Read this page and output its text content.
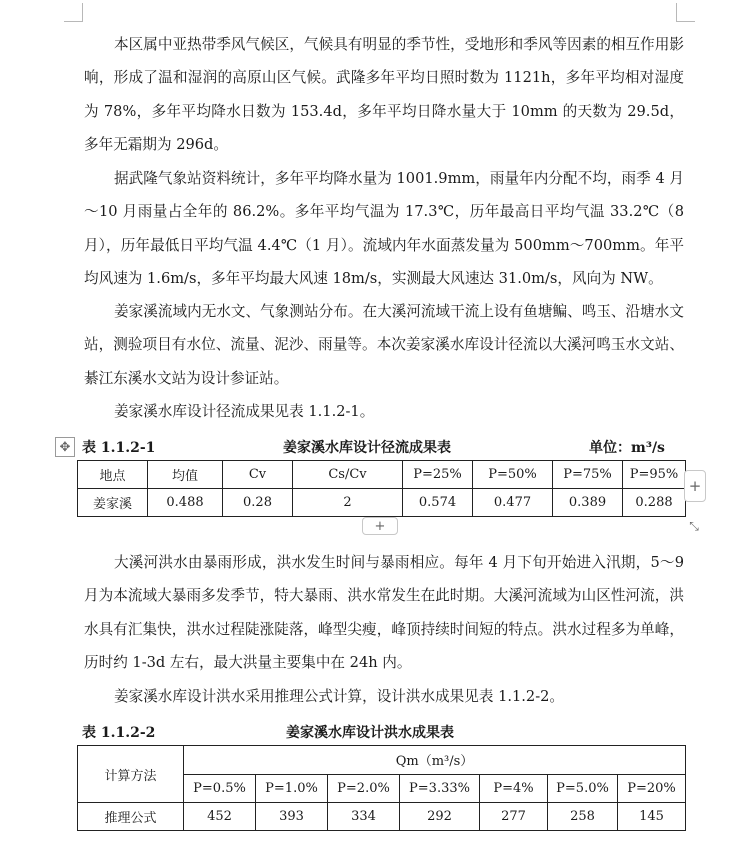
本区属中亚热带季风气候区，气候具有明显的季节性，受地形和季风等因素的相互作用影响，形成了温和湿润的高原山区气候。武隆多年平均日照时数为 1121h，多年平均相对湿度为 78%，多年平均降水日数为 153.4d，多年平均日降水量大于 10mm 的天数为 29.5d，多年无霜期为 296d。

据武隆气象站资料统计，多年平均降水量为 1001.9mm，雨量年内分配不均，雨季 4 月～10 月雨量占全年的 86.2%。多年平均气温为 17.3℃，历年最高日平均气温 33.2℃（8 月），历年最低日平均气温 4.4℃（1 月）。流域内年水面蒸发量为 500mm～700mm。年平均风速为 1.6m/s，多年平均最大风速 18m/s，实测最大风速达 31.0m/s，风向为 NW。

姜家溪流域内无水文、气象测站分布。在大溪河流域干流上设有鱼塘鳊、鸣玉、沿塘水文站，测验项目有水位、流量、泥沙、雨量等。本次姜家溪水库设计径流以大溪河鸣玉水文站、綦江东溪水文站为设计参证站。

姜家溪水库设计径流成果见表 1.1.2-1。

✥ 表 1.1.2-1	姜家溪水库设计径流成果表	单位：m³/s
地点	均值	Cv	Cs/Cv	P=25%	P=50%	P=75%	P=95%
姜家溪	0.488	0.28	2	0.574	0.477	0.389	0.288
+
+	⤡

大溪河洪水由暴雨形成，洪水发生时间与暴雨相应。每年 4 月下旬开始进入汛期，5～9 月为本流域大暴雨多发季节，特大暴雨、洪水常发生在此时期。大溪河流域为山区性河流，洪水具有汇集快，洪水过程陡涨陡落，峰型尖瘦，峰顶持续时间短的特点。洪水过程多为单峰，历时约 1-3d 左右，最大洪量主要集中在 24h 内。

姜家溪水库设计洪水采用推理公式计算，设计洪水成果见表 1.1.2-2。

表 1.1.2-2	姜家溪水库设计洪水成果表
计算方法	Qm（m³/s）						
	P=0.5%	P=1.0%	P=2.0%	P=3.33%	P=4%	P=5.0%	P=20%
推理公式	452	393	334	292	277	258	145
